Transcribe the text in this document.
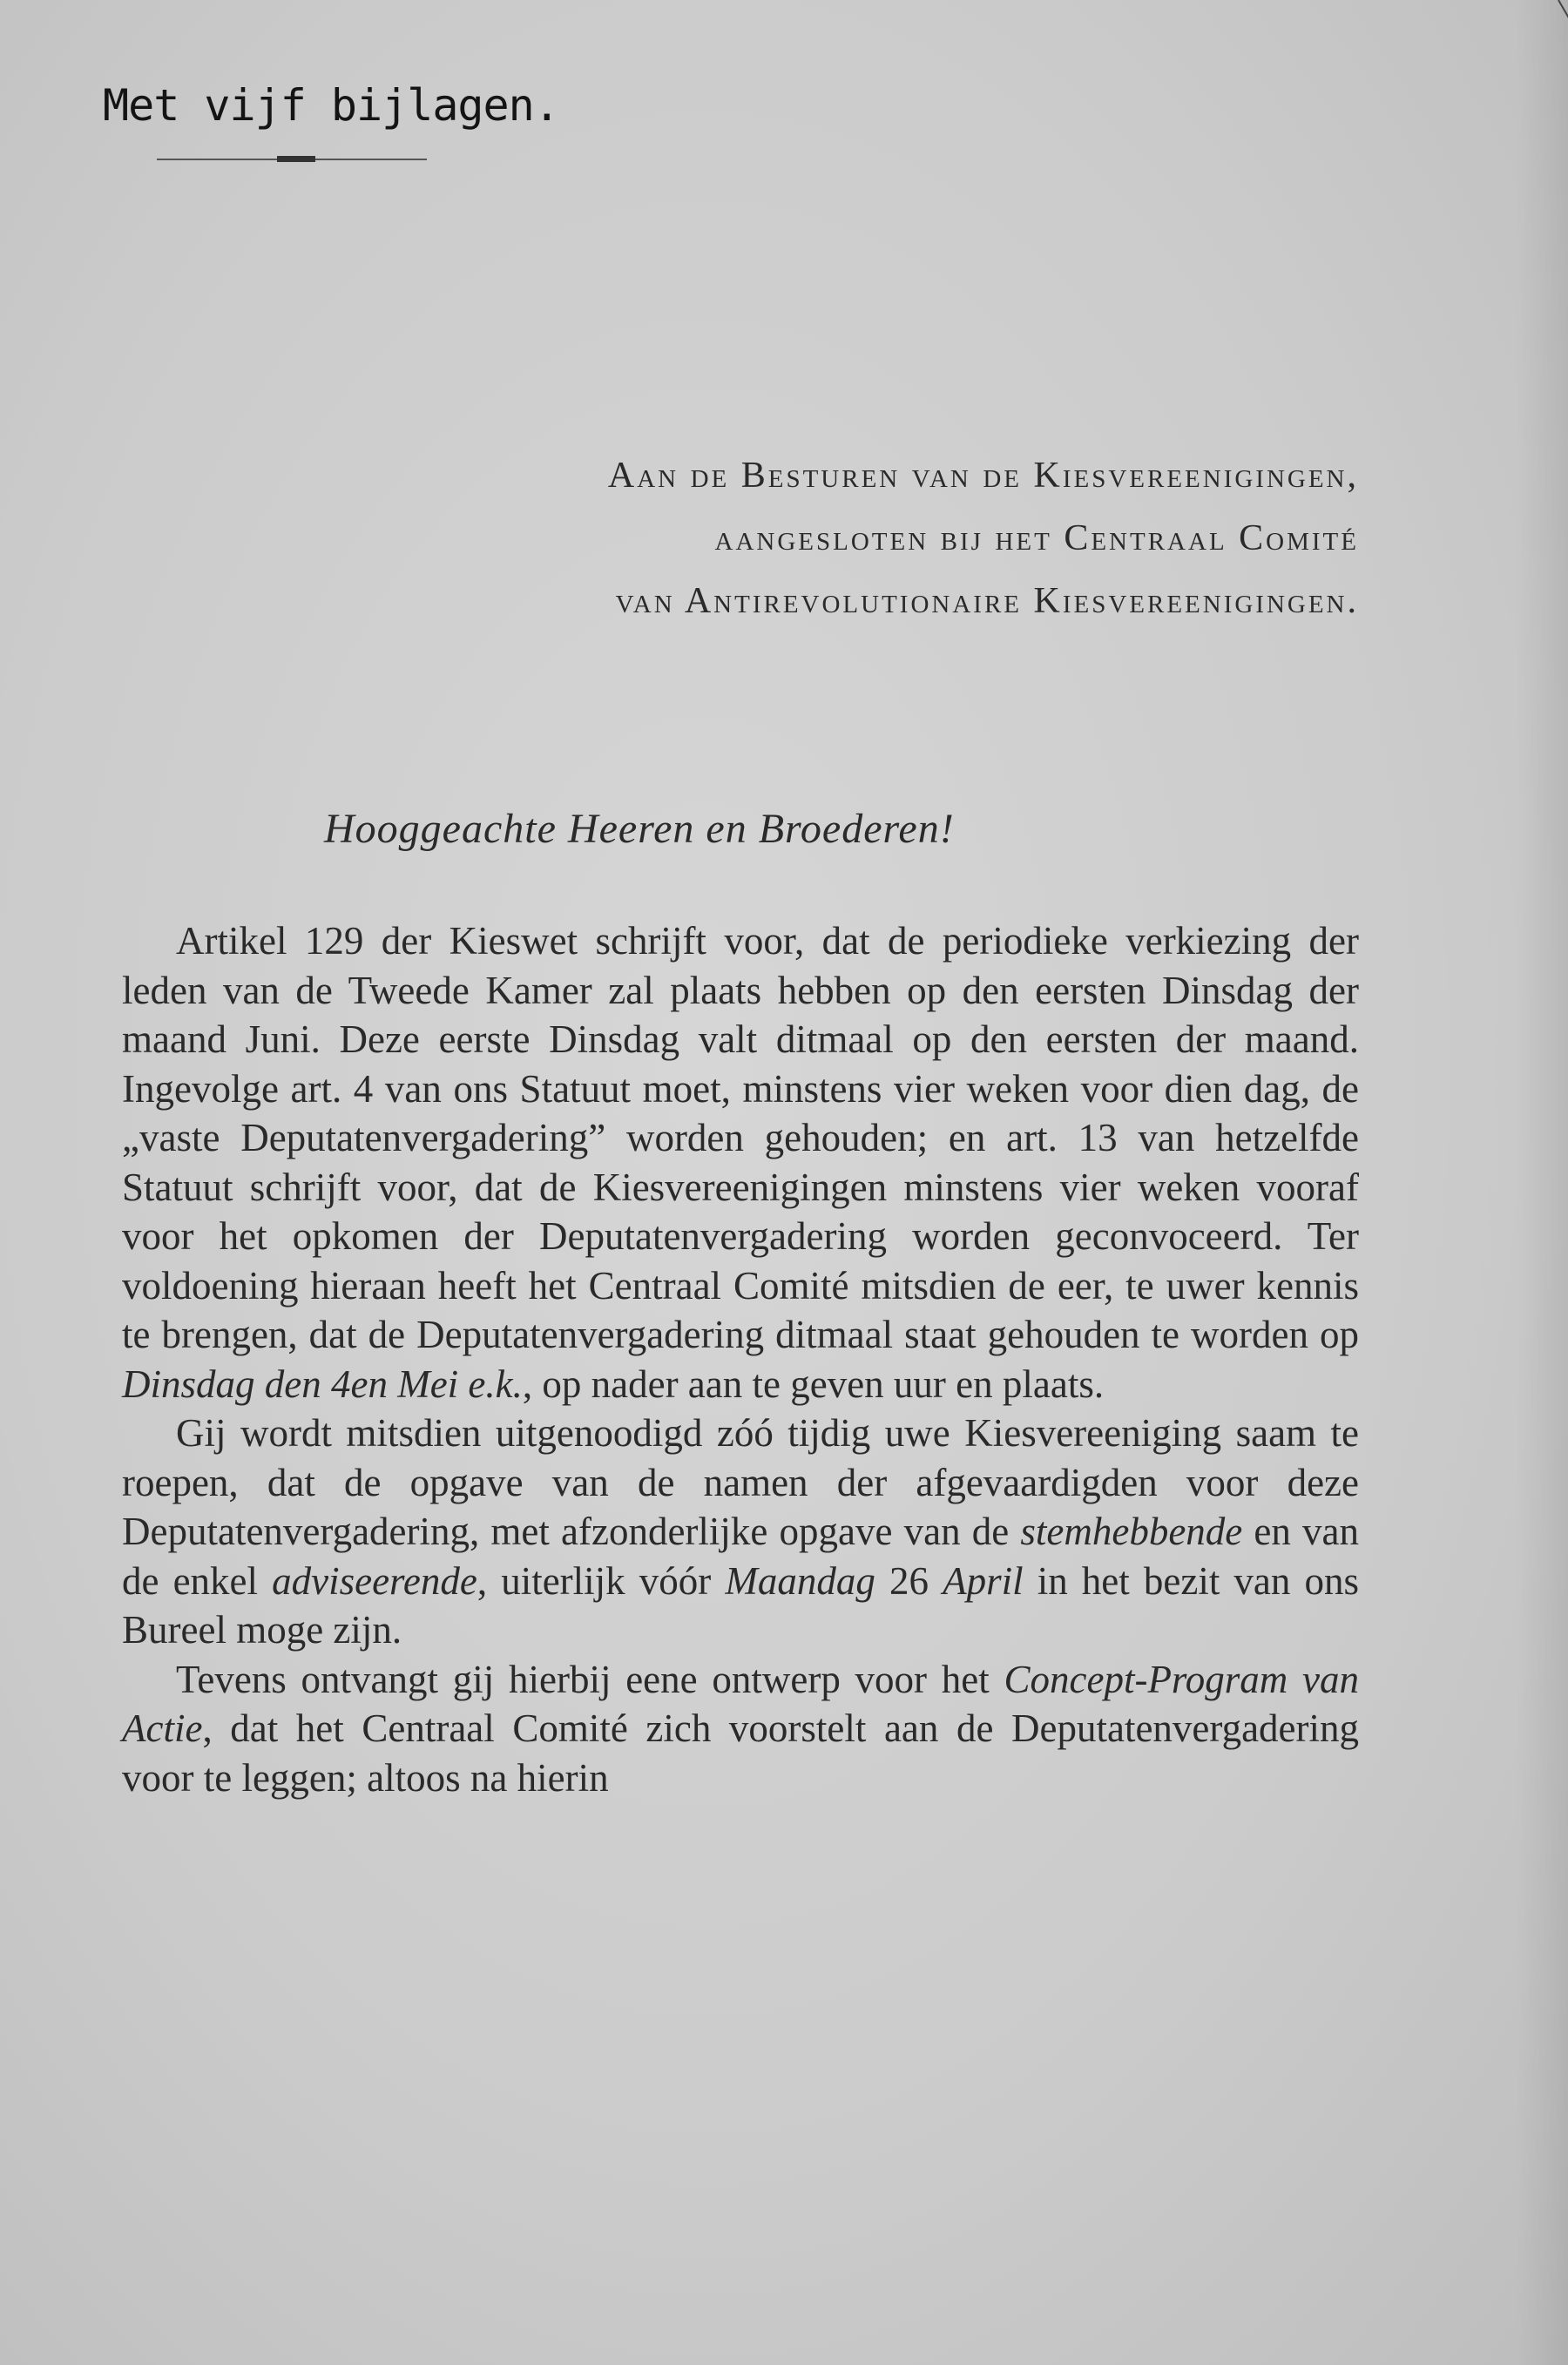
Met vijf bijlagen.
Aan de Besturen van de Kiesvereenigingen,
aangesloten bij het Centraal Comité
van Antirevolutionaire Kiesvereenigingen.
Hooggeachte Heeren en Broederen!

Artikel 129 der Kieswet schrijft voor, dat de periodieke verkiezing der leden van de Tweede Kamer zal plaats hebben op den eersten Dinsdag der maand Juni. Deze eerste Dinsdag valt ditmaal op den eersten der maand. Ingevolge art. 4 van ons Statuut moet, minstens vier weken voor dien dag, de „vaste Deputatenvergadering” worden gehouden; en art. 13 van hetzelfde Statuut schrijft voor, dat de Kiesvereenigingen minstens vier weken vooraf voor het opkomen der Deputatenvergadering worden geconvoceerd. Ter voldoening hieraan heeft het Centraal Comité mitsdien de eer, te uwer kennis te brengen, dat de Deputatenvergadering ditmaal staat gehouden te worden op Dinsdag den 4en Mei e.k., op nader aan te geven uur en plaats.

Gij wordt mitsdien uitgenoodigd zóó tijdig uwe Kiesvereeniging saam te roepen, dat de opgave van de namen der afgevaardigden voor deze Deputatenvergadering, met afzonderlijke opgave van de stemhebbende en van de enkel adviseerende, uiterlijk vóór Maandag 26 April in het bezit van ons Bureel moge zijn.

Tevens ontvangt gij hierbij eene ontwerp voor het Concept-Program van Actie, dat het Centraal Comité zich voorstelt aan de Deputatenvergadering voor te leggen; altoos na hierin
